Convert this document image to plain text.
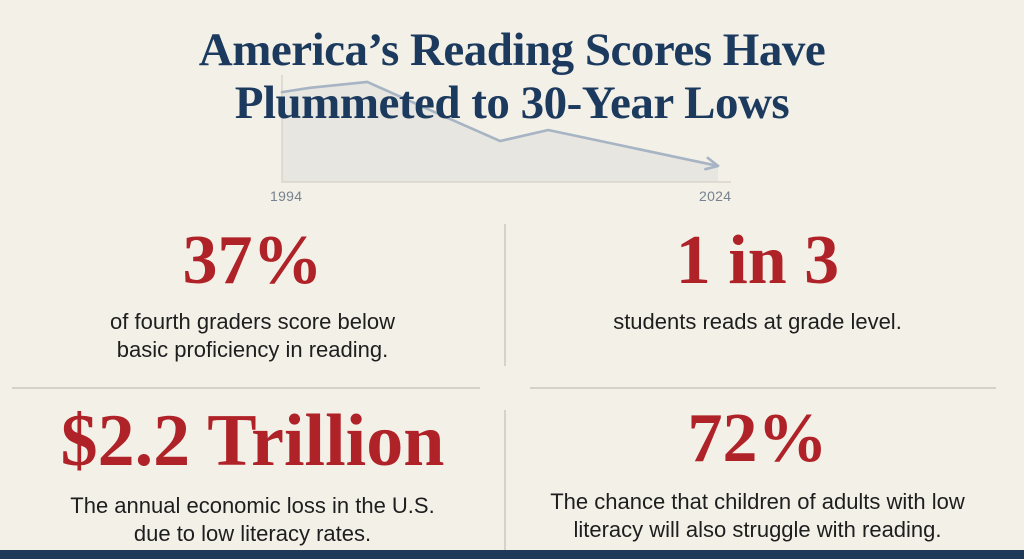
1994	2024
America’s Reading Scores Have
Plummeted to 30-Year Lows
37%
of fourth graders score below
basic proficiency in reading.
1 in 3
students reads at grade level.
$2.2 Trillion
The annual economic loss in the U.S.
due to low literacy rates.
72%
The chance that children of adults with low
literacy will also struggle with reading.
